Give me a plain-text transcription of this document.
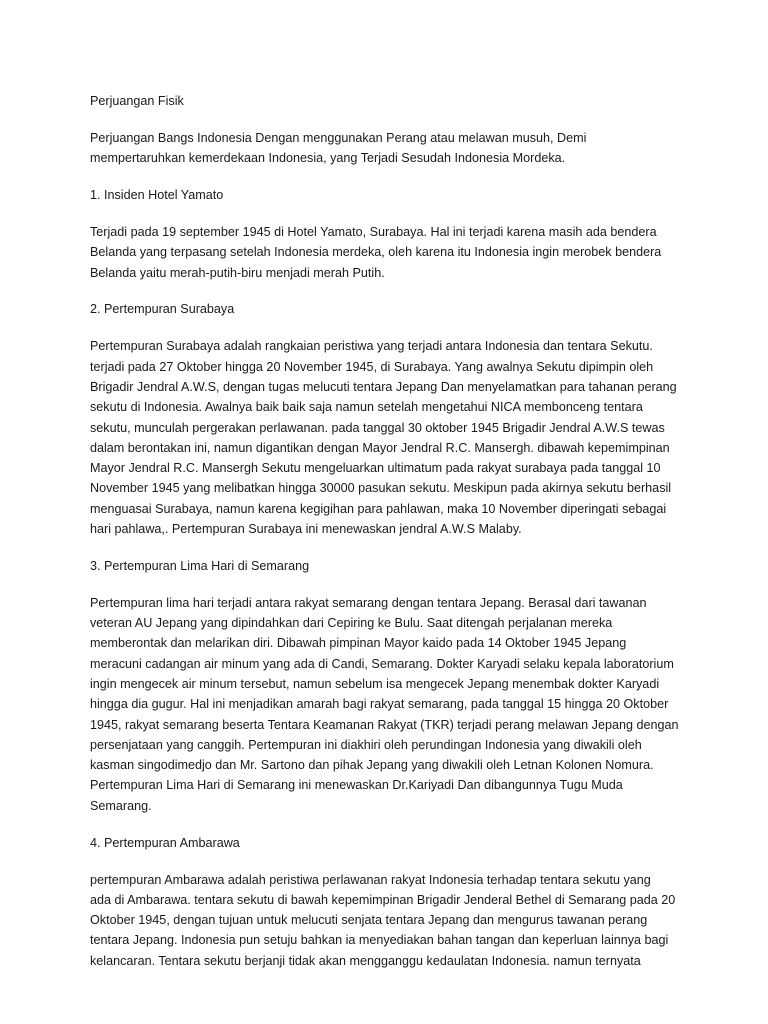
Perjuangan Fisik

Perjuangan Bangs Indonesia Dengan menggunakan Perang atau melawan musuh, Demi
mempertaruhkan kemerdekaan Indonesia, yang Terjadi Sesudah Indonesia Mordeka.

1. Insiden Hotel Yamato

Terjadi pada 19 september 1945 di Hotel Yamato, Surabaya. Hal ini terjadi karena masih ada bendera
Belanda yang terpasang setelah Indonesia merdeka, oleh karena itu Indonesia ingin merobek bendera
Belanda yaitu merah-putih-biru menjadi merah Putih.

2. Pertempuran Surabaya

Pertempuran Surabaya adalah rangkaian peristiwa yang terjadi antara Indonesia dan tentara Sekutu.
terjadi pada 27 Oktober hingga 20 November 1945, di Surabaya. Yang awalnya Sekutu dipimpin oleh
Brigadir Jendral A.W.S, dengan tugas melucuti tentara Jepang Dan menyelamatkan para tahanan perang
sekutu di Indonesia. Awalnya baik baik saja namun setelah mengetahui NICA membonceng tentara
sekutu, munculah pergerakan perlawanan. pada tanggal 30 oktober 1945 Brigadir Jendral A.W.S tewas
dalam berontakan ini, namun digantikan dengan Mayor Jendral R.C. Mansergh. dibawah kepemimpinan
Mayor Jendral R.C. Mansergh Sekutu mengeluarkan ultimatum pada rakyat surabaya pada tanggal 10
November 1945 yang melibatkan hingga 30000 pasukan sekutu. Meskipun pada akirnya sekutu berhasil
menguasai Surabaya, namun karena kegigihan para pahlawan, maka 10 November diperingati sebagai
hari pahlawa,. Pertempuran Surabaya ini menewaskan jendral A.W.S Malaby.

3. Pertempuran Lima Hari di Semarang

Pertempuran lima hari terjadi antara rakyat semarang dengan tentara Jepang. Berasal dari tawanan
veteran AU Jepang yang dipindahkan dari Cepiring ke Bulu. Saat ditengah perjalanan mereka
memberontak dan melarikan diri. Dibawah pimpinan Mayor kaido pada 14 Oktober 1945 Jepang
meracuni cadangan air minum yang ada di Candi, Semarang. Dokter Karyadi selaku kepala laboratorium
ingin mengecek air minum tersebut, namun sebelum isa mengecek Jepang menembak dokter Karyadi
hingga dia gugur. Hal ini menjadikan amarah bagi rakyat semarang, pada tanggal 15 hingga 20 Oktober
1945, rakyat semarang beserta Tentara Keamanan Rakyat (TKR) terjadi perang melawan Jepang dengan
persenjataan yang canggih. Pertempuran ini diakhiri oleh perundingan Indonesia yang diwakili oleh
kasman singodimedjo dan Mr. Sartono dan pihak Jepang yang diwakili oleh Letnan Kolonen Nomura.
Pertempuran Lima Hari di Semarang ini menewaskan Dr.Kariyadi Dan dibangunnya Tugu Muda
Semarang.

4. Pertempuran Ambarawa

pertempuran Ambarawa adalah peristiwa perlawanan rakyat Indonesia terhadap tentara sekutu yang
ada di Ambarawa. tentara sekutu di bawah kepemimpinan Brigadir Jenderal Bethel di Semarang pada 20
Oktober 1945, dengan tujuan untuk melucuti senjata tentara Jepang dan mengurus tawanan perang
tentara Jepang. Indonesia pun setuju bahkan ia menyediakan bahan tangan dan keperluan lainnya bagi
kelancaran. Tentara sekutu berjanji tidak akan mengganggu kedaulatan Indonesia. namun ternyata
